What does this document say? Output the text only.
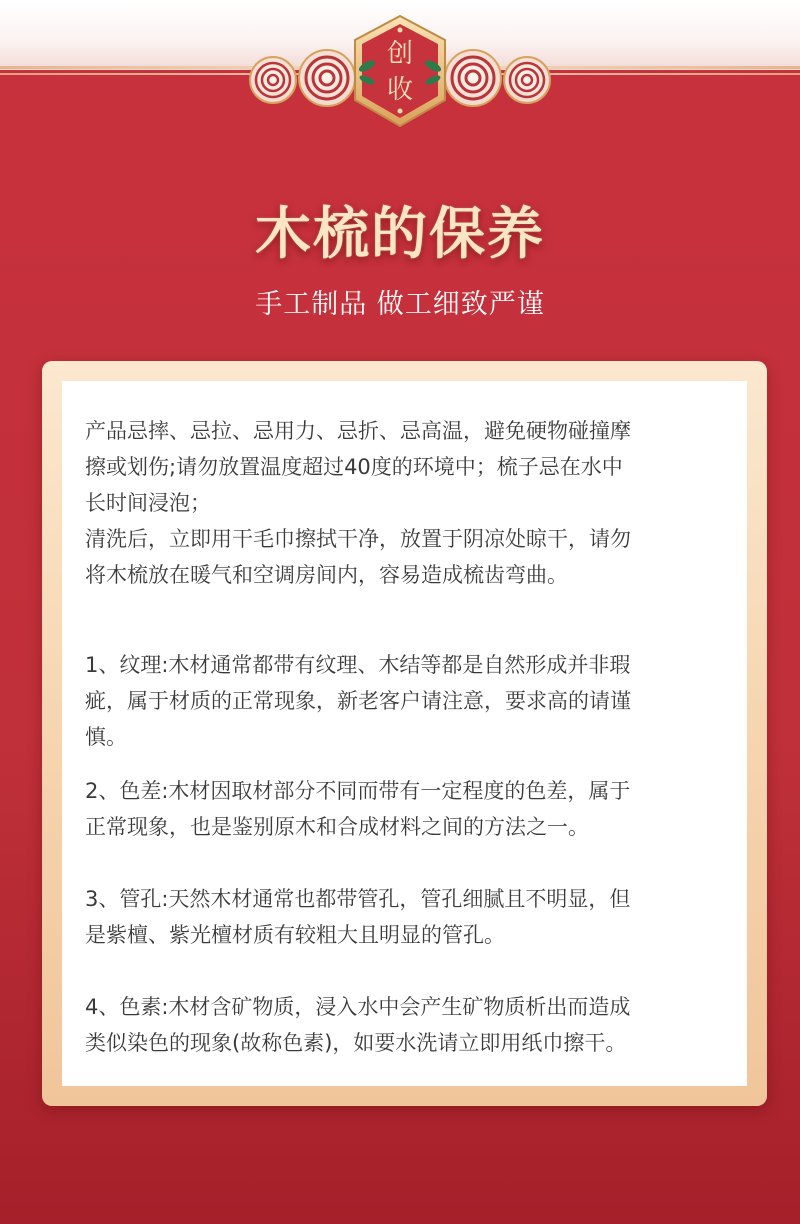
创
收
木梳的保养
手工制品 做工细致严谨

产品忌摔、忌拉、忌用力、忌折、忌高温，避免硬物碰撞摩
擦或划伤;请勿放置温度超过40度的环境中；梳子忌在水中
长时间浸泡；
清洗后，立即用干毛巾擦拭干净，放置于阴凉处晾干，请勿
将木梳放在暖气和空调房间内，容易造成梳齿弯曲。

1、纹理:木材通常都带有纹理、木结等都是自然形成并非瑕
疵，属于材质的正常现象，新老客户请注意，要求高的请谨
慎。

2、色差:木材因取材部分不同而带有一定程度的色差，属于
正常现象，也是鉴别原木和合成材料之间的方法之一。

3、管孔:天然木材通常也都带管孔，管孔细腻且不明显，但
是紫檀、紫光檀材质有较粗大且明显的管孔。

4、色素:木材含矿物质，浸入水中会产生矿物质析出而造成
类似染色的现象(故称色素)，如要水洗请立即用纸巾擦干。
